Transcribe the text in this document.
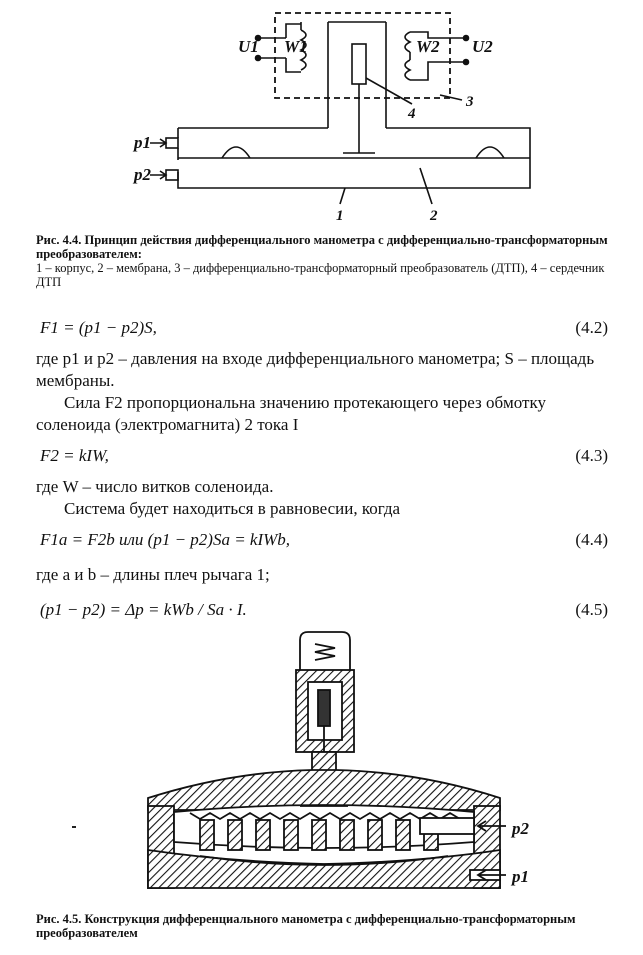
U1 W1	W2 U2
3
4
p1
p2
1	2
Рис. 4.4. Принцип действия дифференциального манометра с дифференциально-трансформаторным преобразователем:
1 – корпус, 2 – мембрана, 3 – дифференциально-трансформаторный преобразователь (ДТП), 4 – сердечник ДТП
F1 = (p1 − p2)S,	(4.2)
где p1 и p2 – давления на входе дифференциального манометра; S – площадь мембраны.
Сила F2 пропорциональна значению протекающего через обмотку соленоида (электромагнита) 2 тока I
F2 = kIW,	(4.3)
где W – число витков соленоида.
Система будет находиться в равновесии, когда
F1a = F2b или (p1 − p2)Sa = kIWb,	(4.4)
где a и b – длины плеч рычага 1;
(p1 − p2) = Δp = kWb / Sa · I.	(4.5)
p2
p1
Рис. 4.5. Конструкция дифференциального манометра с дифференциально-трансформаторным преобразователем
